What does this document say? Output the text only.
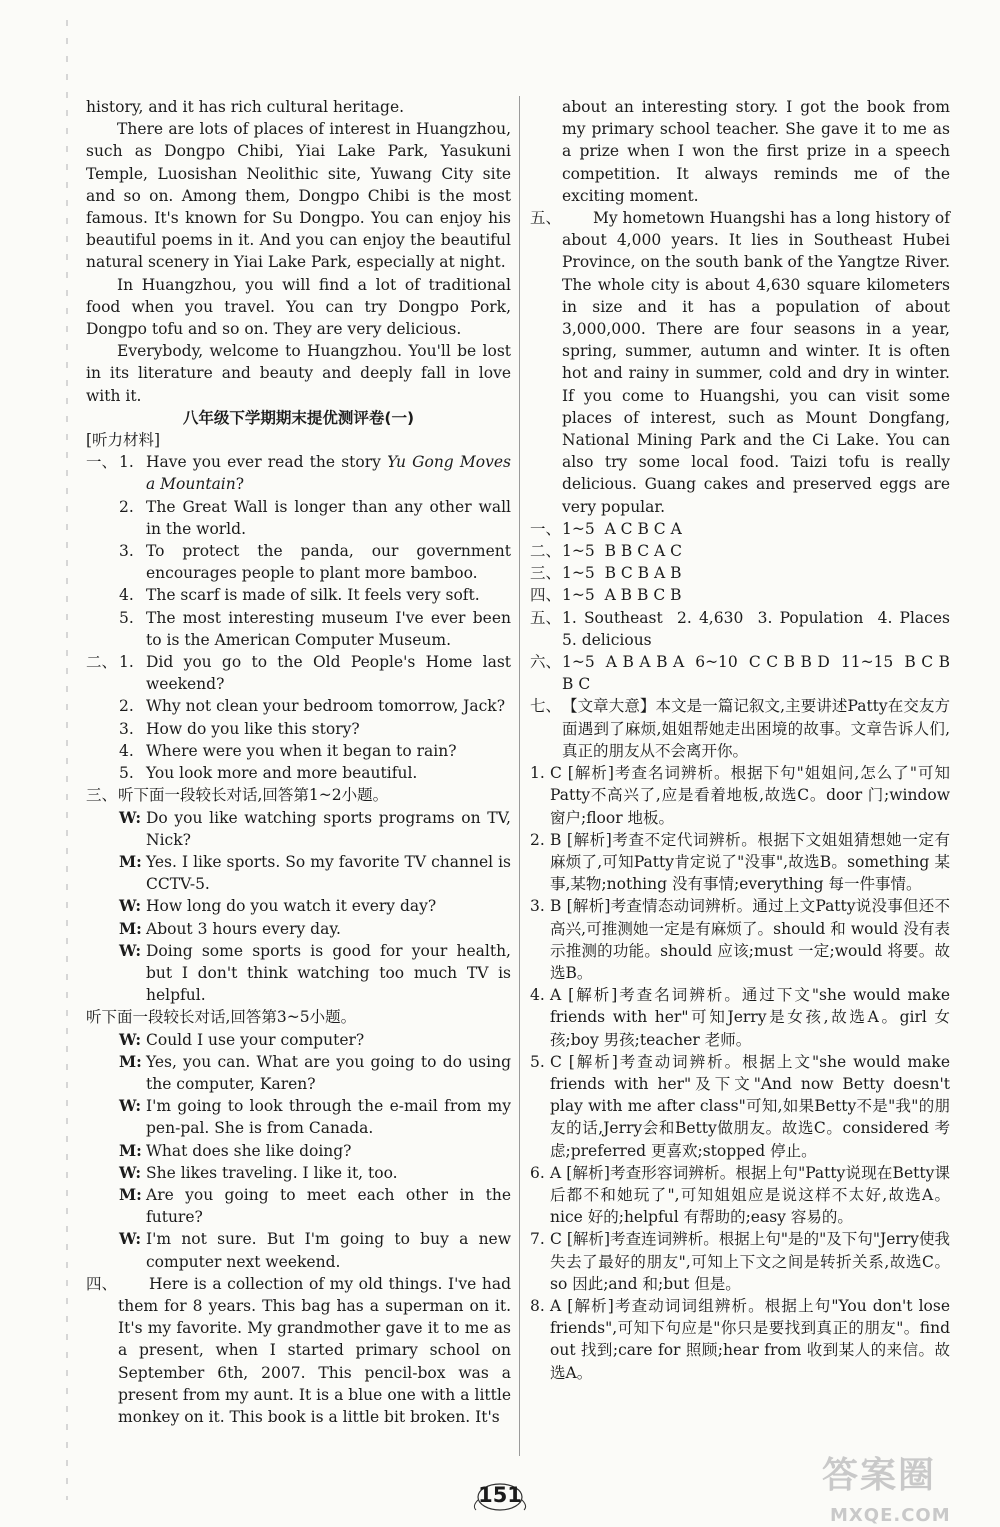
history, and it has rich cultural heritage.

There are lots of places of interest in Huangzhou, such as Dongpo Chibi, Yiai Lake Park, Yasukuni Temple, Luosishan Neolithic site, Yuwang City site and so on. Among them, Dongpo Chibi is the most famous. It's known for Su Dongpo. You can enjoy his beautiful poems in it. And you can enjoy the beautiful natural scenery in Yiai Lake Park, especially at night.

In Huangzhou, you will find a lot of traditional food when you travel. You can try Dongpo Pork, Dongpo tofu and so on. They are very delicious.

Everybody, welcome to Huangzhou. You'll be lost in its literature and beauty and deeply fall in love with it.

八年级下学期期末提优测评卷(一)

[听力材料]

一、 1. Have you ever read the story Yu Gong Moves a Mountain?

2. The Great Wall is longer than any other wall in the world.

3. To protect the panda, our government encourages people to plant more bamboo.

4. The scarf is made of silk. It feels very soft.

5. The most interesting museum I've ever been to is the American Computer Museum.

二、 1. Did you go to the Old People's Home last weekend?

2. Why not clean your bedroom tomorrow, Jack?

3. How do you like this story?

4. Where were you when it began to rain?

5. You look more and more beautiful.

三、 听下面一段较长对话,回答第1~2小题。

W: Do you like watching sports programs on TV, Nick?

M: Yes. I like sports. So my favorite TV channel is CCTV-5.

W: How long do you watch it every day?

M: About 3 hours every day.

W: Doing some sports is good for your health, but I don't think watching too much TV is helpful.

听下面一段较长对话,回答第3~5小题。

W: Could I use your computer?

M: Yes, you can. What are you going to do using the computer, Karen?

W: I'm going to look through the e-mail from my pen-pal. She is from Canada.

M: What does she like doing?

W: She likes traveling. I like it, too.

M: Are you going to meet each other in the future?

W: I'm not sure. But I'm going to buy a new computer next weekend.

四、 Here is a collection of my old things. I've had them for 8 years. This bag has a superman on it. It's my favorite. My grandmother gave it to me as a present, when I started primary school on September 6th, 2007. This pencil-box was a present from my aunt. It is a blue one with a little monkey on it. This book is a little bit broken. It's

about an interesting story. I got the book from my primary school teacher. She gave it to me as a prize when I won the first prize in a speech competition. It always reminds me of the exciting moment.

五、 My hometown Huangshi has a long history of about 4,000 years. It lies in Southeast Hubei Province, on the south bank of the Yangtze River. The whole city is about 4,630 square kilometers in size and it has a population of about 3,000,000. There are four seasons in a year, spring, summer, autumn and winter. It is often hot and rainy in summer, cold and dry in winter. If you come to Huangshi, you can visit some places of interest, such as Mount Dongfang, National Mining Park and the Ci Lake. You can also try some local food. Taizi tofu is really delicious. Guang cakes and preserved eggs are very popular.

一、 1~5  A C B C A

二、 1~5  B B C A C

三、 1~5  B C B A B

四、 1~5  A B B C B

五、 1. Southeast  2. 4,630  3. Population  4. Places  5. delicious

六、 1~5  A B A B A  6~10  C C B B D  11~15  B C B B C

七、 【文章大意】本文是一篇记叙文,主要讲述Patty在交友方面遇到了麻烦,姐姐帮她走出困境的故事。文章告诉人们,真正的朋友从不会离开你。

1. C [解析]考查名词辨析。根据下句"姐姐问,怎么了"可知Patty不高兴了,应是看着地板,故选C。door 门;window 窗户;floor 地板。

2. B [解析]考查不定代词辨析。根据下文姐姐猜想她一定有麻烦了,可知Patty肯定说了"没事",故选B。something 某事,某物;nothing 没有事情;everything 每一件事情。

3. B [解析]考查情态动词辨析。通过上文Patty说没事但还不高兴,可推测她一定是有麻烦了。should 和 would 没有表示推测的功能。should 应该;must 一定;would 将要。故选B。

4. A [解析]考查名词辨析。通过下文"she would make friends with her"可知Jerry是女孩,故选A。girl 女孩;boy 男孩;teacher 老师。

5. C [解析]考查动词辨析。根据上文"she would make friends with her"及下文"And now Betty doesn't play with me after class"可知,如果Betty不是"我"的朋友的话,Jerry会和Betty做朋友。故选C。considered 考虑;preferred 更喜欢;stopped 停止。

6. A [解析]考查形容词辨析。根据上句"Patty说现在Betty课后都不和她玩了",可知姐姐应是说这样不太好,故选A。nice 好的;helpful 有帮助的;easy 容易的。

7. C [解析]考查连词辨析。根据上句"是的"及下句"Jerry使我失去了最好的朋友",可知上下文之间是转折关系,故选C。so 因此;and 和;but 但是。

8. A [解析]考查动词词组辨析。根据上句"You don't lose friends",可知下句应是"你只是要找到真正的朋友"。find out 找到;care for 照顾;hear from 收到某人的来信。故选A。

151	答案圈
MXQE.COM
